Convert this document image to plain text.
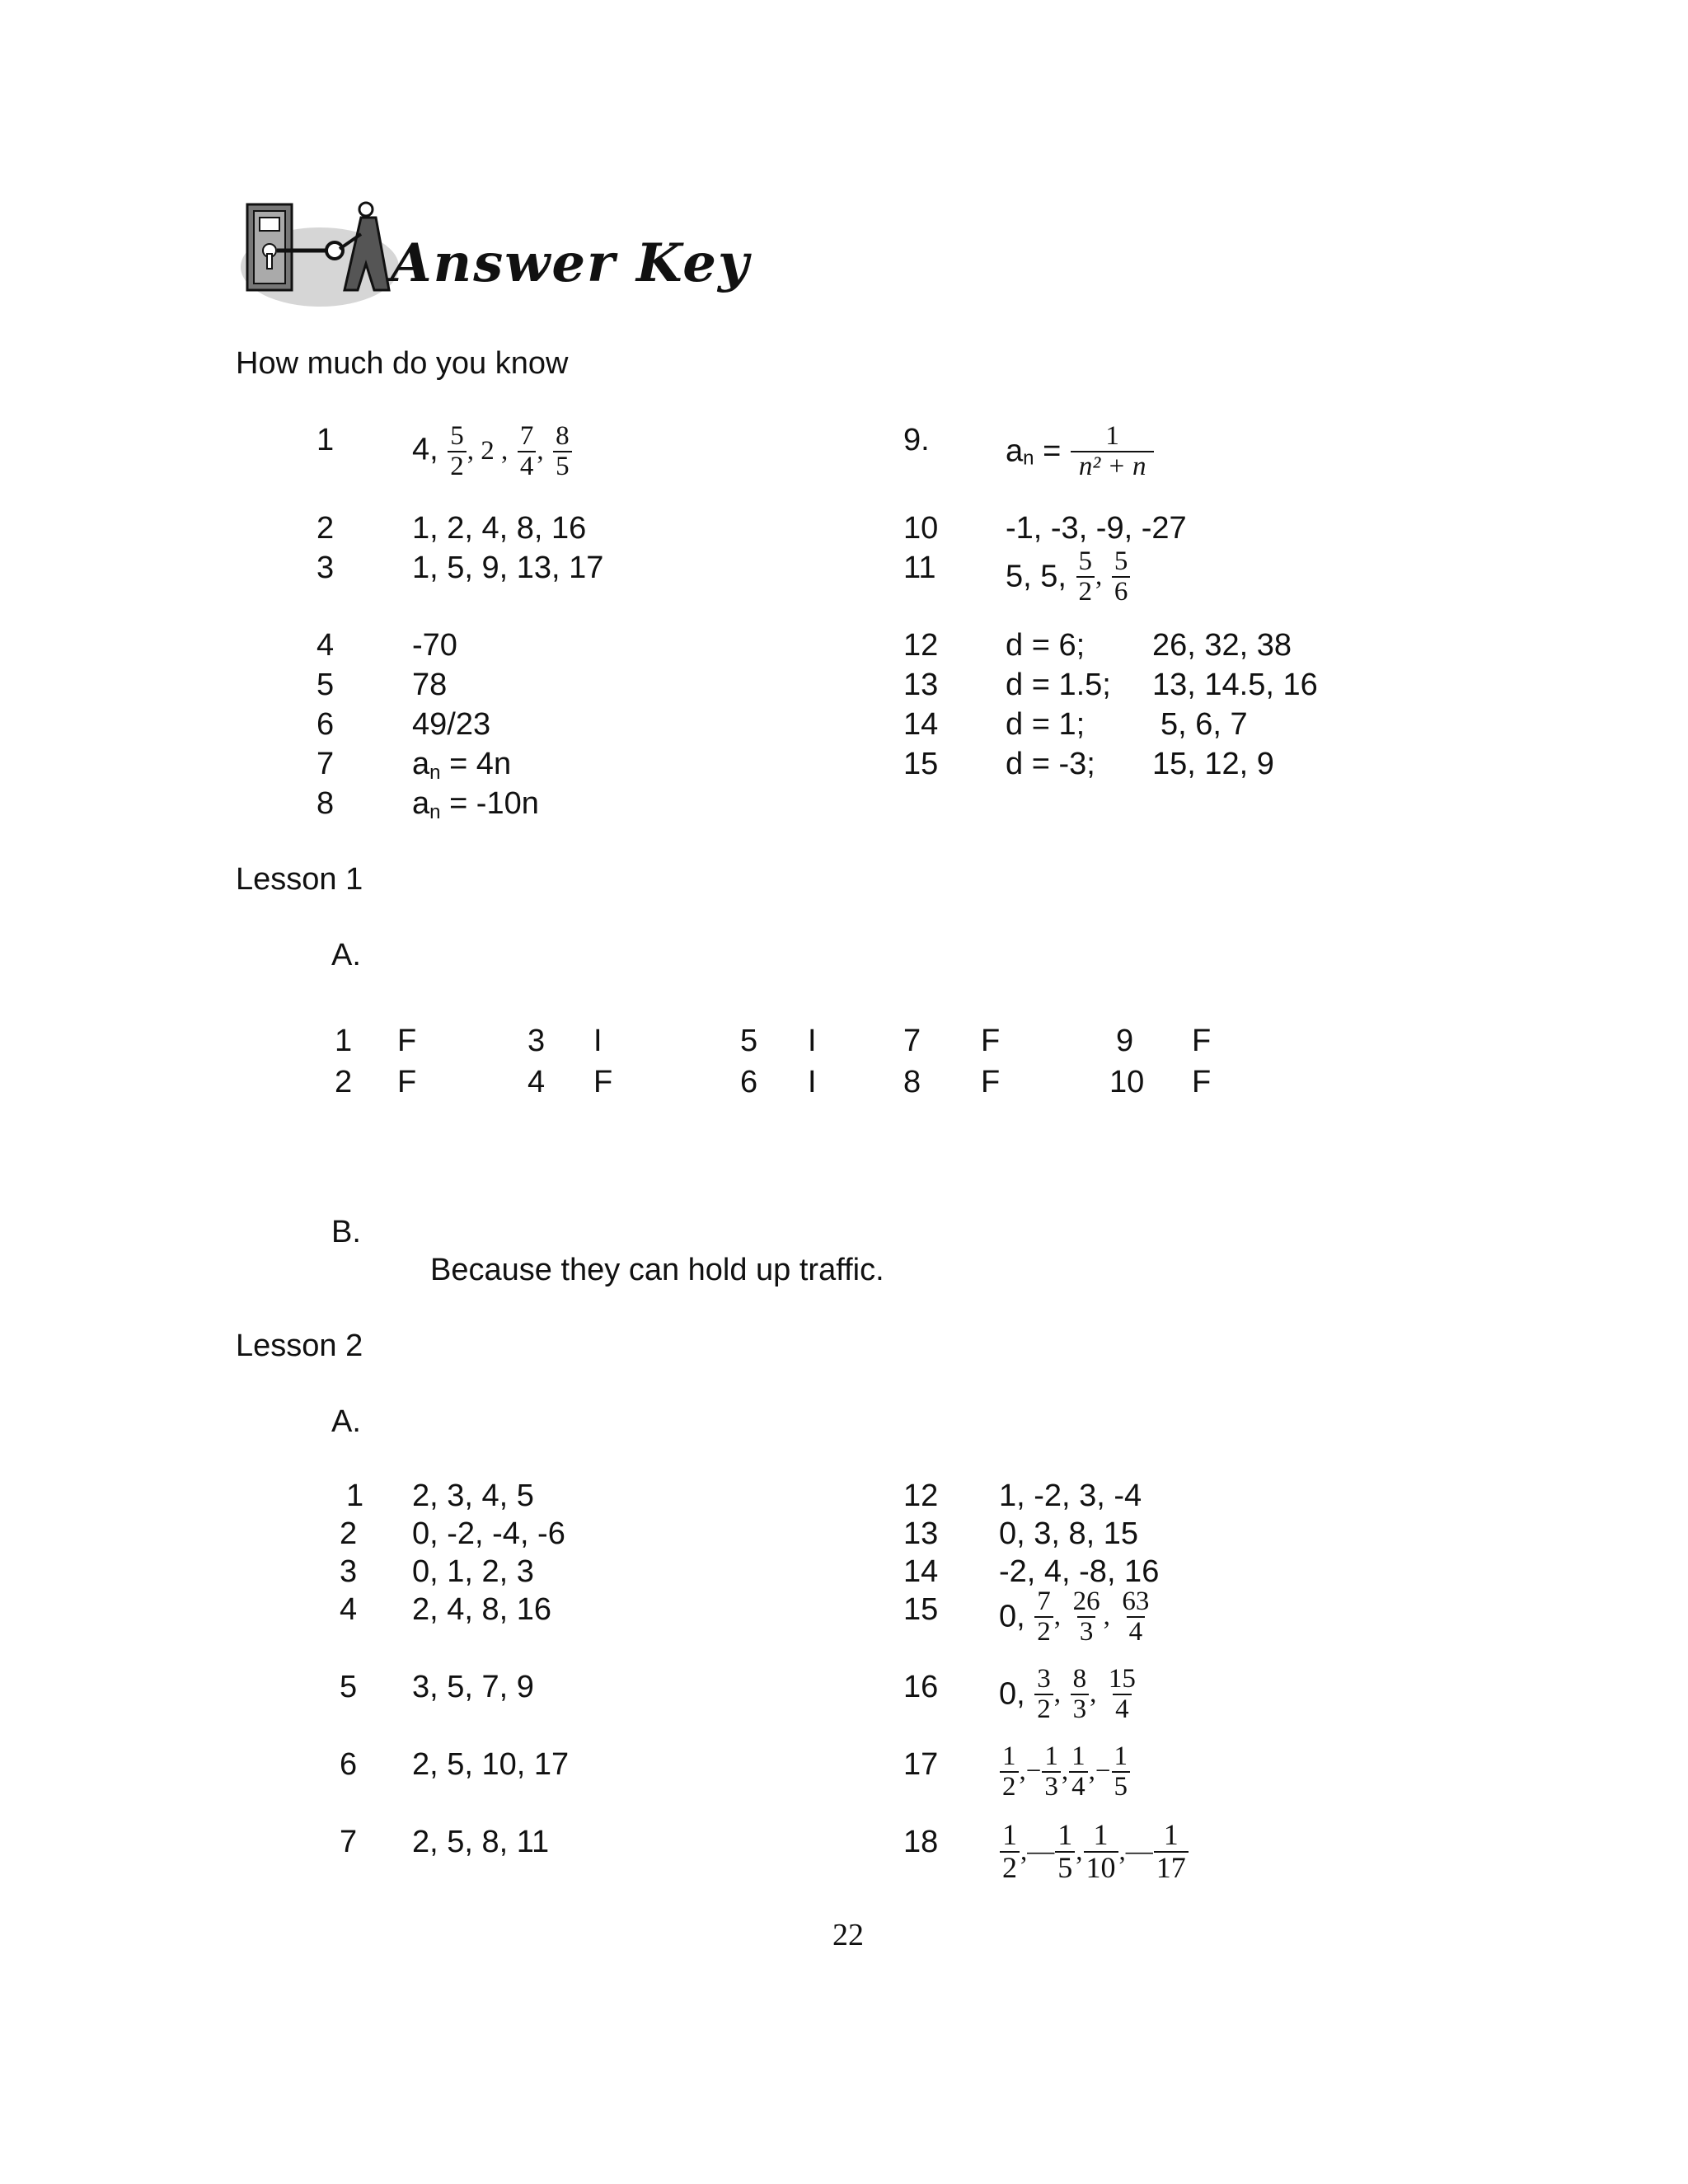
Answer Key
How much do you know
1 4, $\frac{5}{2}$ , 2 , $\frac{7}{4}$ , $\frac{8}{5}$
2 1, 2, 4, 8, 16
3 1, 5, 9, 13, 17
4 -70
5 78
6 49/23
7 $a_n = 4n$
8 $a_n = -10n$
9. $a_n = \frac{1}{\text{n² + n}}$
10 -1, -3, -9, -27
11 5, 5, $\frac{5}{2}$ , $\frac{5}{6}$
12 d = 6; 26, 32, 38
13 d = 1.5; 13, 14.5, 16
14 d = 1; 5, 6, 7
15 d = -3; 15, 12, 9
Lesson 1
A.
1 F
2 F
3 I
4 F
5 I
6 I
7 F
8 F
9 F
10 F
B.
Because they can hold up traffic.
Lesson 2
A.
1 2, 3, 4, 5
2 0, -2, -4, -6
3 0, 1, 2, 3
4 2, 4, 8, 16
5 3, 5, 7, 9
6 2, 5, 10, 17
7 2, 5, 8, 11
12 1, -2, 3, -4
13 0, 3, 8, 15
14 -2, 4, -8, 16
15 0, $\frac{7}{2}$ , $\frac{26}{3}$ , $\frac{63}{4}$
16 0, $\frac{3}{2}$ , $\frac{8}{3}$ , $\frac{15}{4}$
$17 \frac{1}{2}$ ,− $\frac{1}{3}$ , $\frac{1}{4}$ ,− $\frac{1}{5}$
$18 \frac{1}{2}$ ,— $\frac{1}{5}$ , $\frac{1}{10}$ ,— $\frac{1}{17}$
22
